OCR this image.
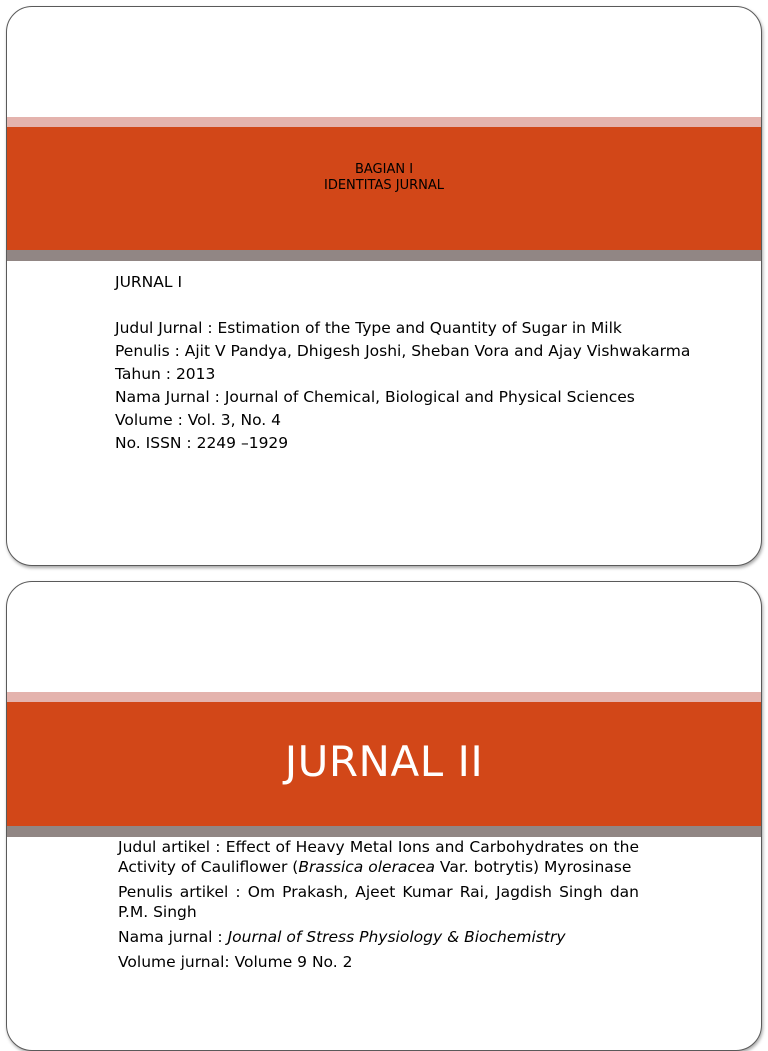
BAGIAN I
IDENTITAS JURNAL
JURNAL I
Judul Jurnal : Estimation of the Type and Quantity of Sugar in Milk
Penulis : Ajit V Pandya, Dhigesh Joshi, Sheban Vora and Ajay Vishwakarma
Tahun : 2013
Nama Jurnal : Journal of Chemical, Biological and Physical Sciences
Volume : Vol. 3, No. 4
No. ISSN : 2249 –1929
JURNAL II
Judul artikel : Effect of Heavy Metal Ions and Carbohydrates on the Activity of Cauliflower (Brassica oleracea Var. botrytis) Myrosinase
Penulis artikel : Om Prakash, Ajeet Kumar Rai, Jagdish Singh dan P.M. Singh
Nama jurnal : Journal of Stress Physiology & Biochemistry
Volume jurnal: Volume 9 No. 2
